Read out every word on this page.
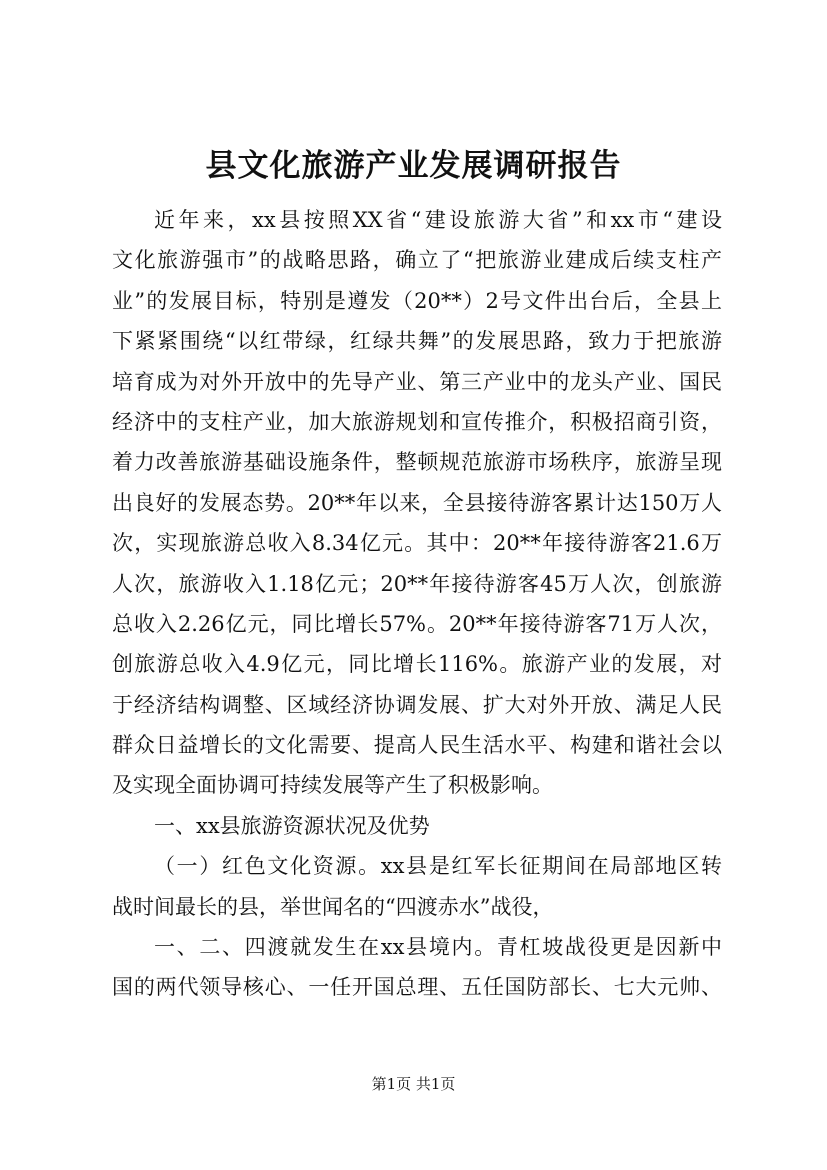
县文化旅游产业发展调研报告
近年来，xx县按照XX省“建设旅游大省”和xx市“建设
文化旅游强市”的战略思路，确立了“把旅游业建成后续支柱产
业”的发展目标，特别是遵发（20**）2号文件出台后，全县上
下紧紧围绕“以红带绿，红绿共舞”的发展思路，致力于把旅游
培育成为对外开放中的先导产业、第三产业中的龙头产业、国民
经济中的支柱产业，加大旅游规划和宣传推介，积极招商引资，
着力改善旅游基础设施条件，整顿规范旅游市场秩序，旅游呈现
出良好的发展态势。20**年以来，全县接待游客累计达150万人
次，实现旅游总收入8.34亿元。其中：20**年接待游客21.6万
人次，旅游收入1.18亿元；20**年接待游客45万人次，创旅游
总收入2.26亿元，同比增长57%。20**年接待游客71万人次，
创旅游总收入4.9亿元，同比增长116%。旅游产业的发展，对
于经济结构调整、区域经济协调发展、扩大对外开放、满足人民
群众日益增长的文化需要、提高人民生活水平、构建和谐社会以
及实现全面协调可持续发展等产生了积极影响。
一、xx县旅游资源状况及优势
（一）红色文化资源。xx县是红军长征期间在局部地区转
战时间最长的县，举世闻名的“四渡赤水”战役，
一、二、四渡就发生在xx县境内。青杠坡战役更是因新中
国的两代领导核心、一任开国总理、五任国防部长、七大元帅、
第1页 共1页
